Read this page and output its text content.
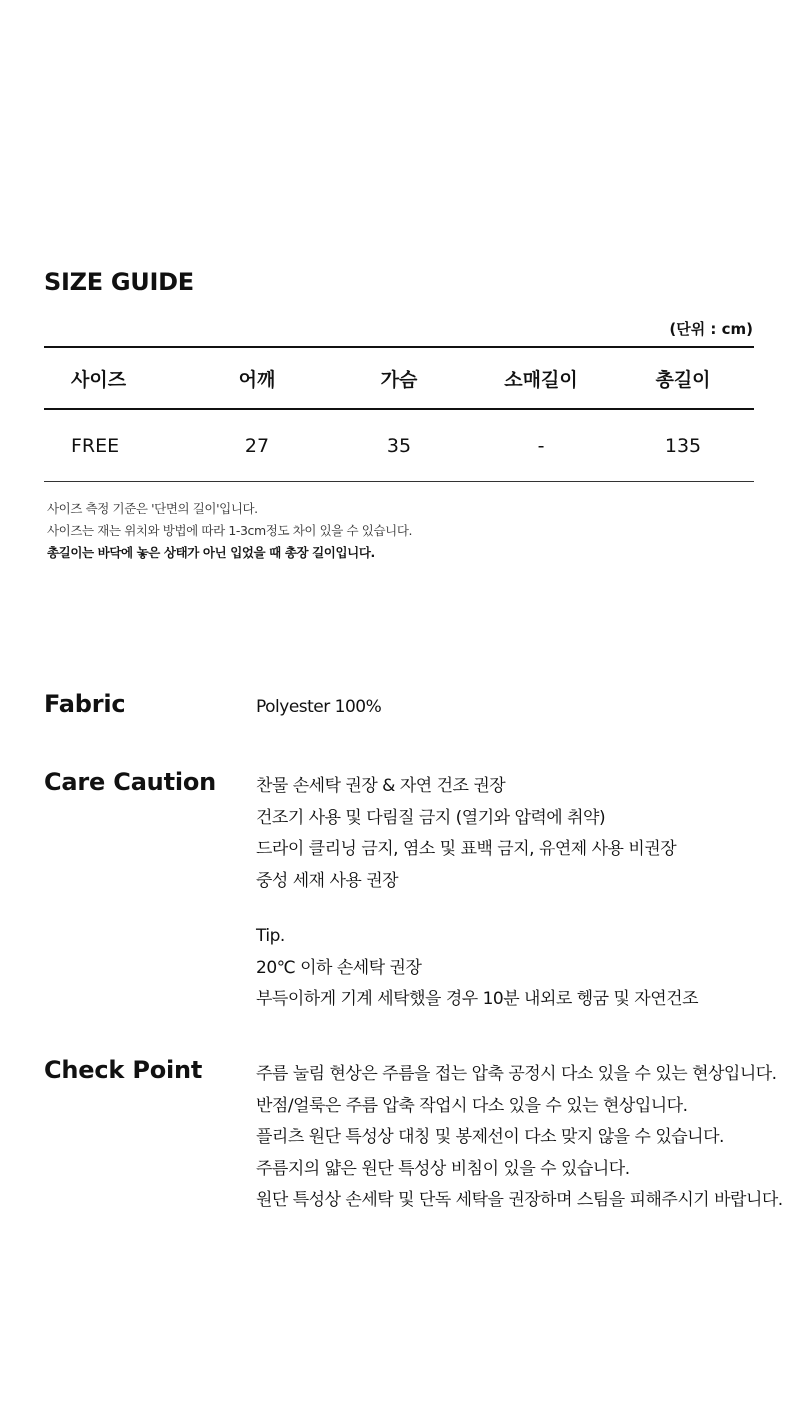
SIZE GUIDE
(단위 : cm)
사이즈	어깨	가슴	소매길이	총길이
FREE	27	35	-	135
사이즈 측정 기준은 '단면의 길이'입니다.
사이즈는 재는 위치와 방법에 따라 1-3cm정도 차이 있을 수 있습니다.
총길이는 바닥에 놓은 상태가 아닌 입었을 때 총장 길이입니다.
Fabric	Polyester 100%
Care Caution 찬물 손세탁 권장 & 자연 건조 권장
건조기 사용 및 다림질 금지 (열기와 압력에 취약)
드라이 클리닝 금지, 염소 및 표백 금지, 유연제 사용 비권장
중성 세재 사용 권장
Tip.
20℃ 이하 손세탁 권장
부득이하게 기계 세탁했을 경우 10분 내외로 헹굼 및 자연건조
Check Point	주름 눌림 현상은 주름을 접는 압축 공정시 다소 있을 수 있는 현상입니다.
반점/얼룩은 주름 압축 작업시 다소 있을 수 있는 현상입니다.
플리츠 원단 특성상 대칭 및 봉제선이 다소 맞지 않을 수 있습니다.
주름지의 얇은 원단 특성상 비침이 있을 수 있습니다.
원단 특성상 손세탁 및 단독 세탁을 권장하며 스팀을 피해주시기 바랍니다.
